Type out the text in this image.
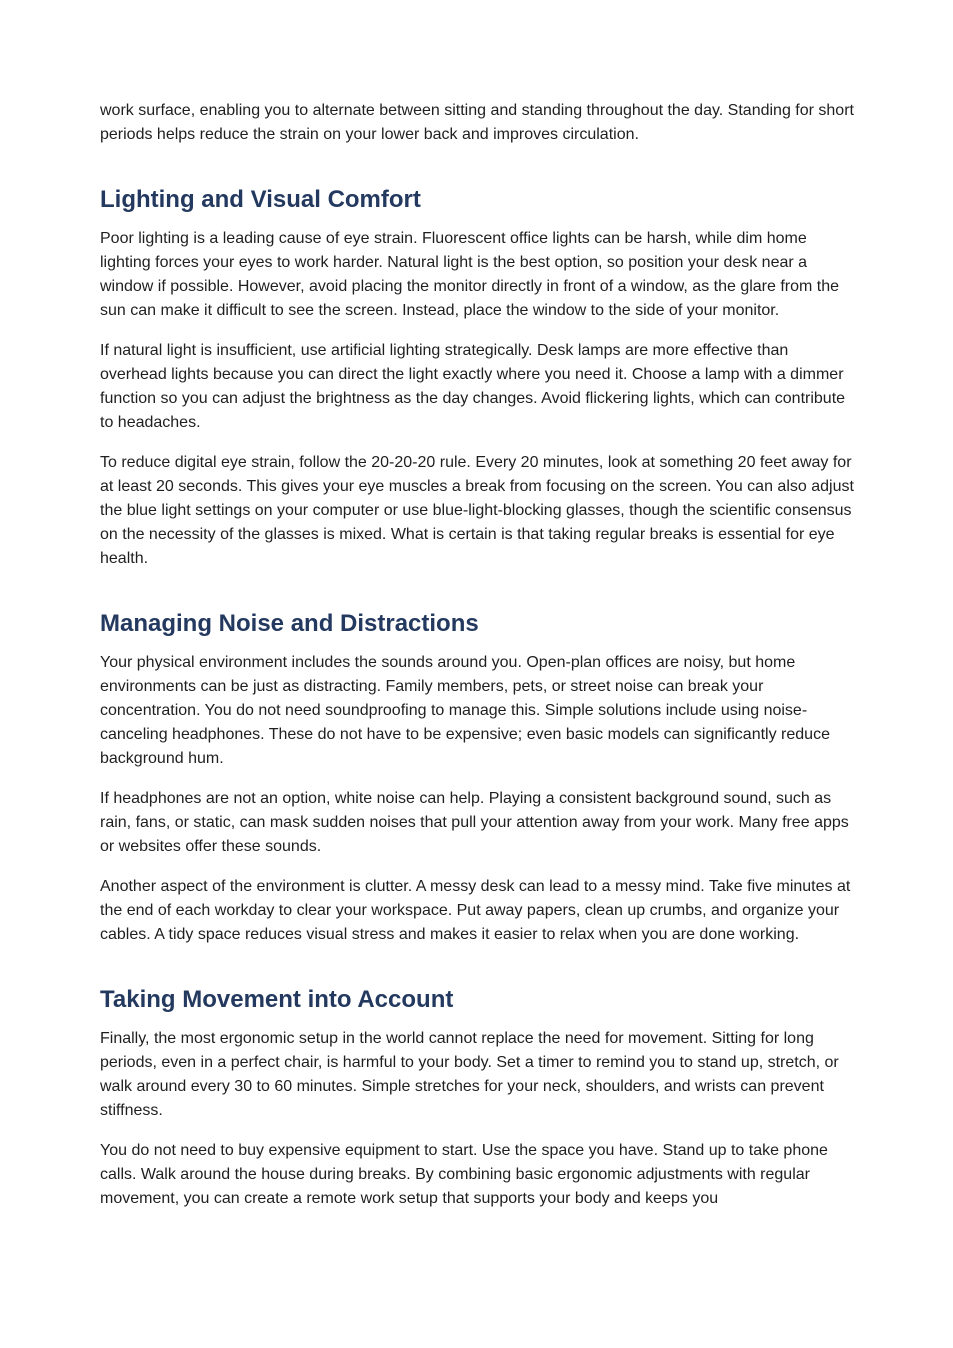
work surface, enabling you to alternate between sitting and standing throughout the day. Standing for short periods helps reduce the strain on your lower back and improves circulation.

Lighting and Visual Comfort

Poor lighting is a leading cause of eye strain. Fluorescent office lights can be harsh, while dim home lighting forces your eyes to work harder. Natural light is the best option, so position your desk near a window if possible. However, avoid placing the monitor directly in front of a window, as the glare from the sun can make it difficult to see the screen. Instead, place the window to the side of your monitor.

If natural light is insufficient, use artificial lighting strategically. Desk lamps are more effective than overhead lights because you can direct the light exactly where you need it. Choose a lamp with a dimmer function so you can adjust the brightness as the day changes. Avoid flickering lights, which can contribute to headaches.

To reduce digital eye strain, follow the 20-20-20 rule. Every 20 minutes, look at something 20 feet away for at least 20 seconds. This gives your eye muscles a break from focusing on the screen. You can also adjust the blue light settings on your computer or use blue-light-blocking glasses, though the scientific consensus on the necessity of the glasses is mixed. What is certain is that taking regular breaks is essential for eye health.

Managing Noise and Distractions

Your physical environment includes the sounds around you. Open-plan offices are noisy, but home environments can be just as distracting. Family members, pets, or street noise can break your concentration. You do not need soundproofing to manage this. Simple solutions include using noise-canceling headphones. These do not have to be expensive; even basic models can significantly reduce background hum.

If headphones are not an option, white noise can help. Playing a consistent background sound, such as rain, fans, or static, can mask sudden noises that pull your attention away from your work. Many free apps or websites offer these sounds.

Another aspect of the environment is clutter. A messy desk can lead to a messy mind. Take five minutes at the end of each workday to clear your workspace. Put away papers, clean up crumbs, and organize your cables. A tidy space reduces visual stress and makes it easier to relax when you are done working.

Taking Movement into Account

Finally, the most ergonomic setup in the world cannot replace the need for movement. Sitting for long periods, even in a perfect chair, is harmful to your body. Set a timer to remind you to stand up, stretch, or walk around every 30 to 60 minutes. Simple stretches for your neck, shoulders, and wrists can prevent stiffness.

You do not need to buy expensive equipment to start. Use the space you have. Stand up to take phone calls. Walk around the house during breaks. By combining basic ergonomic adjustments with regular movement, you can create a remote work setup that supports your body and keeps you
